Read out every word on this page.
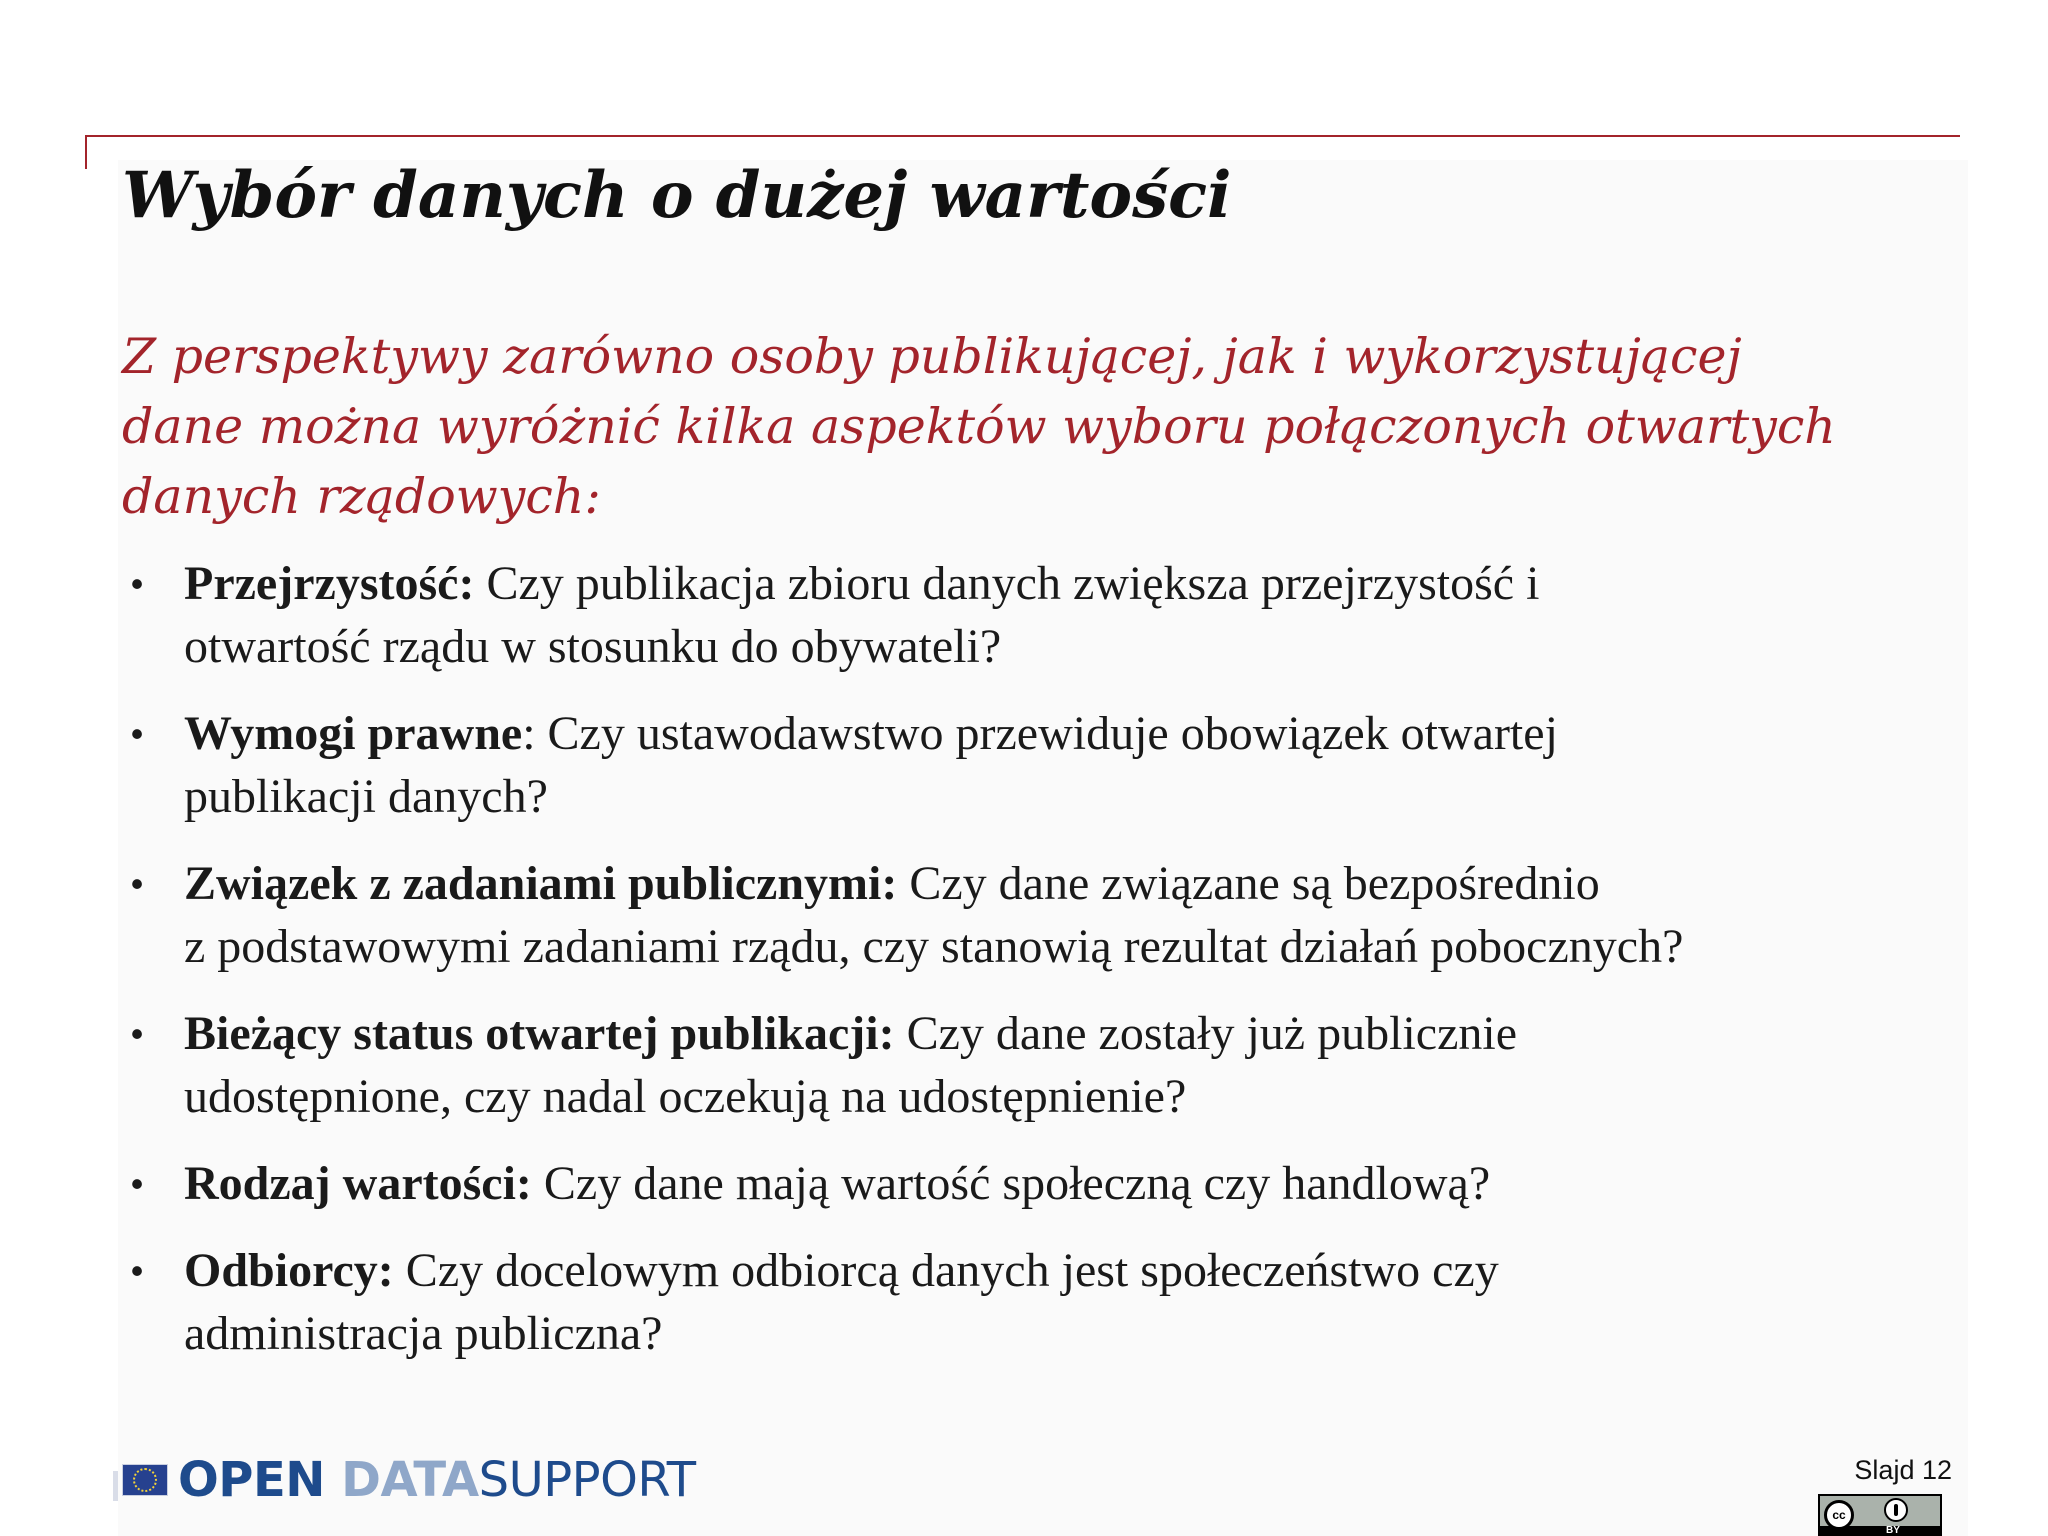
Wybór danych o dużej wartości

Z perspektywy zarówno osoby publikującej, jak i wykorzystującej
dane można wyróżnić kilka aspektów wyboru połączonych otwartych
danych rządowych:

• Przejrzystość: Czy publikacja zbioru danych zwiększa przejrzystość i
otwartość rządu w stosunku do obywateli?
• Wymogi prawne: Czy ustawodawstwo przewiduje obowiązek otwartej
publikacji danych?
• Związek z zadaniami publicznymi: Czy dane związane są bezpośrednio
z podstawowymi zadaniami rządu, czy stanowią rezultat działań pobocznych?
• Bieżący status otwartej publikacji: Czy dane zostały już publicznie
udostępnione, czy nadal oczekują na udostępnienie?
• Rodzaj wartości: Czy dane mają wartość społeczną czy handlową?
• Odbiorcy: Czy docelowym odbiorcą danych jest społeczeństwo czy
administracja publiczna?
OPEN DATASUPPORT	Slajd 12
cc
BY
